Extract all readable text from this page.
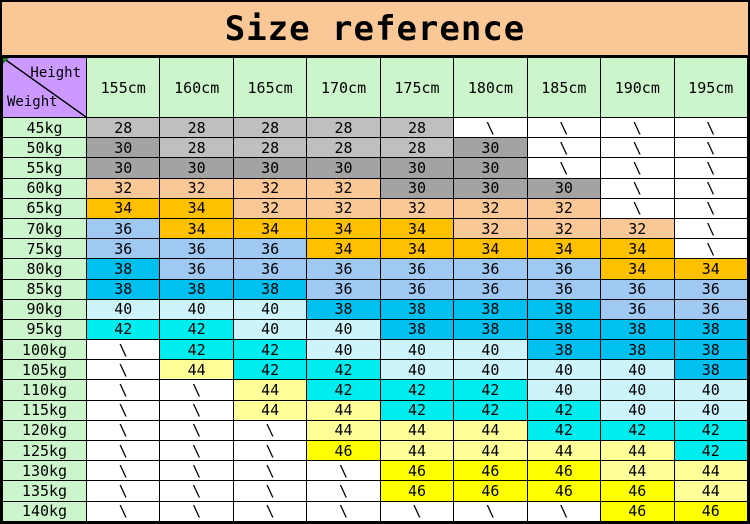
Size reference
Height
Weight	155cm	160cm	165cm	170cm	175cm	180cm	185cm	190cm	195cm
45kg	28	28	28	28	28	\	\	\	\
50kg	30	28	28	28	28	30	\	\	\
55kg	30	30	30	30	30	30	\	\	\
60kg	32	32	32	32	30	30	30	\	\
65kg	34	34	32	32	32	32	32	\	\
70kg	36	34	34	34	34	32	32	32	\
75kg	36	36	36	34	34	34	34	34	\
80kg	38	36	36	36	36	36	36	34	34
85kg	38	38	38	36	36	36	36	36	36
90kg	40	40	40	38	38	38	38	36	36
95kg	42	42	40	40	38	38	38	38	38
100kg	\	42	42	40	40	40	38	38	38
105kg	\	44	42	42	40	40	40	40	38
110kg	\	\	44	42	42	42	40	40	40
115kg	\	\	44	44	42	42	42	40	40
120kg	\	\	\	44	44	44	42	42	42
125kg	\	\	\	46	44	44	44	44	42
130kg	\	\	\	\	46	46	46	44	44
135kg	\	\	\	\	46	46	46	46	44
140kg	\	\	\	\	\	\	\	46	46
